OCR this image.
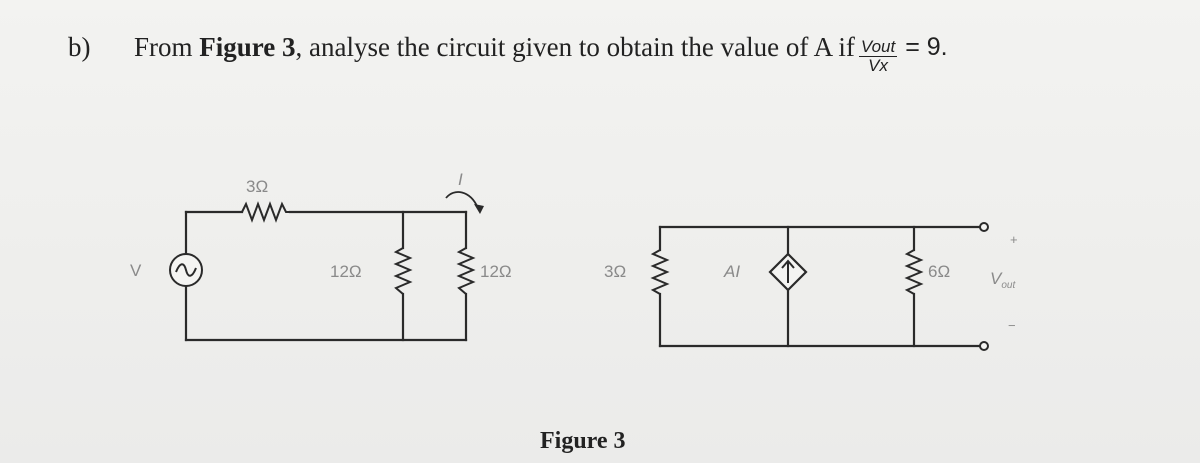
b)	From Figure 3, analyse the circuit given to obtain the value of A if $\frac{\text{Vout}}{Vx} = 9$.
3Ω
12Ω	12Ω	3Ω	6Ω
I
V	AI	$V_{out}$
+
−
Figure 3
